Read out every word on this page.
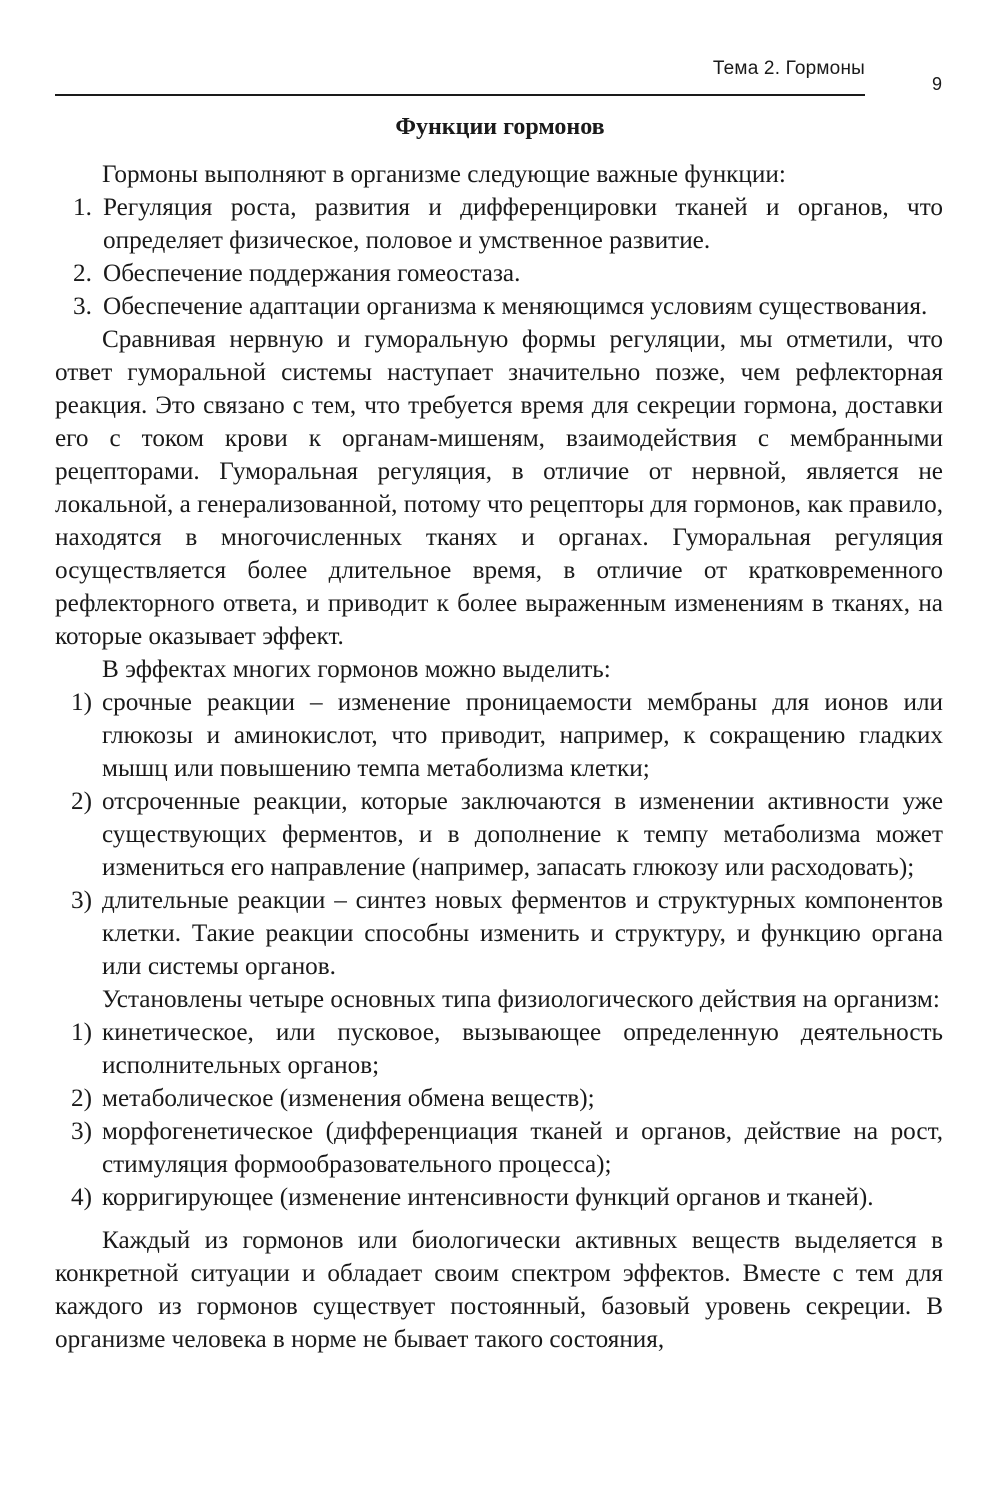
Тема 2. Гормоны
9
Функции гормонов

Гормоны выполняют в организме следующие важные функции:

1. Регуляция роста, развития и дифференцировки тканей и органов, что определяет физическое, половое и умственное развитие.
2. Обеспечение поддержания гомеостаза.
3. Обеспечение адаптации организма к меняющимся условиям существования.

Сравнивая нервную и гуморальную формы регуляции, мы отметили, что ответ гуморальной системы наступает значительно позже, чем рефлекторная реакция. Это связано с тем, что требуется время для секреции гормона, доставки его с током крови к органам-мишеням, взаимодействия с мембранными рецепторами. Гуморальная регуляция, в отличие от нервной, является не локальной, а генерализованной, потому что рецепторы для гормонов, как правило, находятся в многочисленных тканях и органах. Гуморальная регуляция осуществляется более длительное время, в отличие от кратковременного рефлекторного ответа, и приводит к более выраженным изменениям в тканях, на которые оказывает эффект.

В эффектах многих гормонов можно выделить:

1) срочные реакции – изменение проницаемости мембраны для ионов или глюкозы и аминокислот, что приводит, например, к сокращению гладких мышц или повышению темпа метаболизма клетки;
2) отсроченные реакции, которые заключаются в изменении активности уже существующих ферментов, и в дополнение к темпу метаболизма может измениться его направление (например, запасать глюкозу или расходовать);
3) длительные реакции – синтез новых ферментов и структурных компонентов клетки. Такие реакции способны изменить и структуру, и функцию органа или системы органов.

Установлены четыре основных типа физиологического действия на организм:

1) кинетическое, или пусковое, вызывающее определенную деятельность исполнительных органов;
2) метаболическое (изменения обмена веществ);
3) морфогенетическое (дифференциация тканей и органов, действие на рост, стимуляция формообразовательного процесса);
4) корригирующее (изменение интенсивности функций органов и тканей).

Каждый из гормонов или биологически активных веществ выделяется в конкретной ситуации и обладает своим спектром эффектов. Вместе с тем для каждого из гормонов существует постоянный, базовый уровень секреции. В организме человека в норме не бывает такого состояния,
